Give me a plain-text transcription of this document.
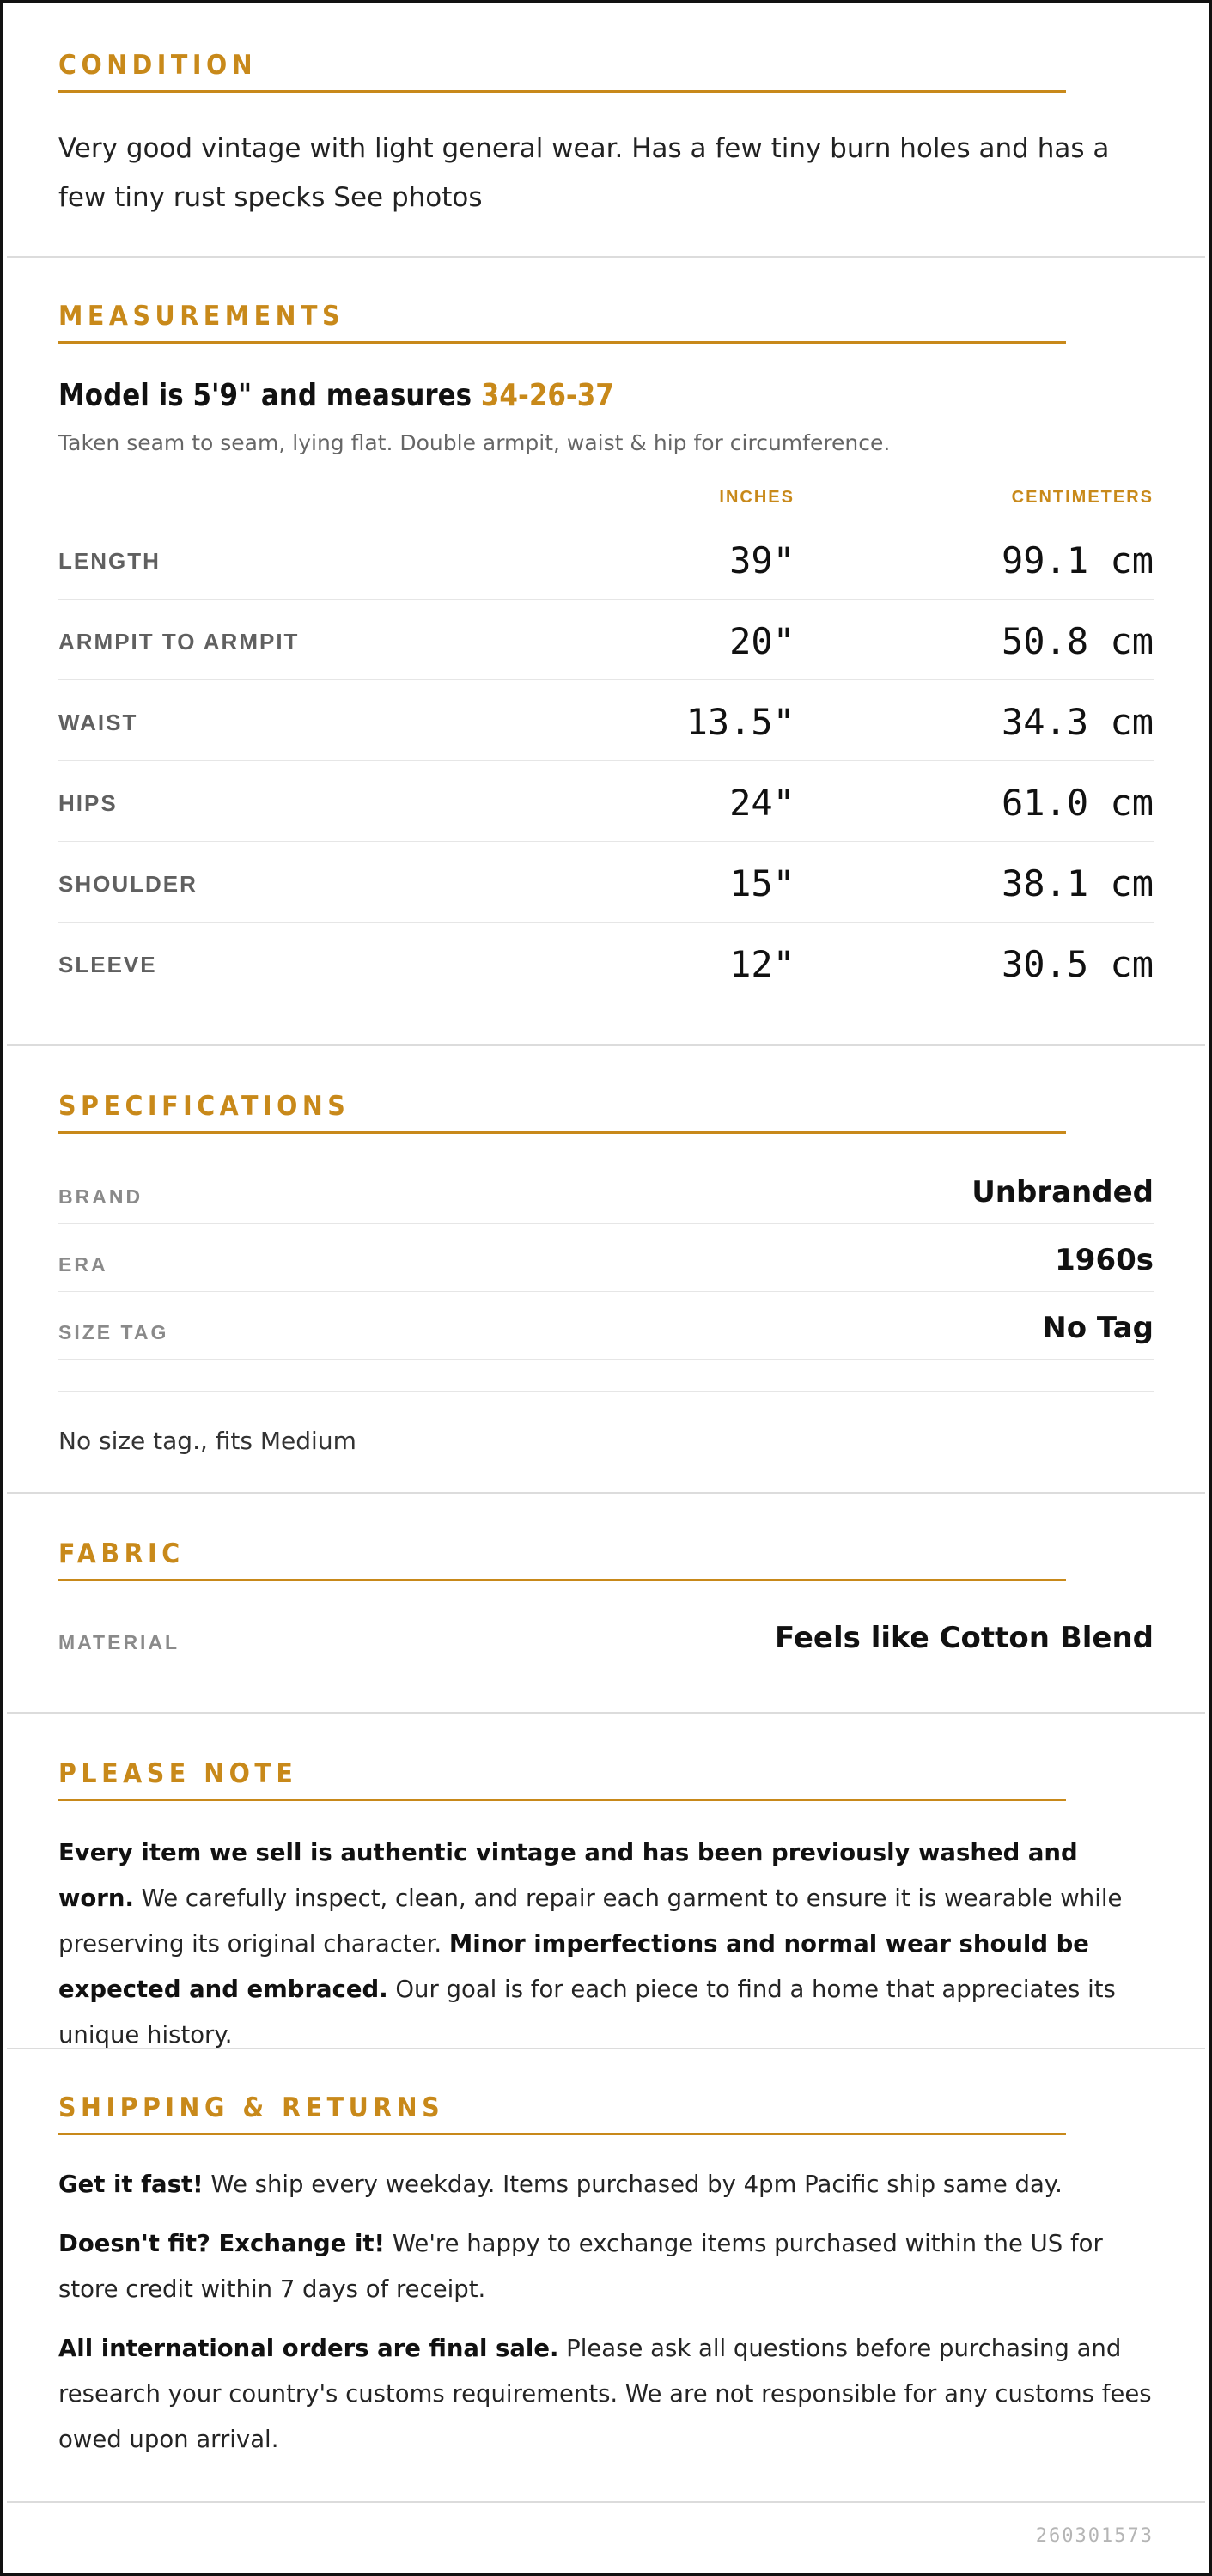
CONDITION
Very good vintage with light general wear. Has a few tiny burn holes and has a few tiny rust specks See photos
MEASUREMENTS
Model is 5'9" and measures 34-26-37
Taken seam to seam, lying flat. Double armpit, waist & hip for circumference.
INCHES	CENTIMETERS
LENGTH	39"	99.1 cm
ARMPIT TO ARMPIT	20"	50.8 cm
WAIST	13.5"	34.3 cm
HIPS	24"	61.0 cm
SHOULDER	15"	38.1 cm
SLEEVE	12"	30.5 cm
SPECIFICATIONS
BRAND	Unbranded
ERA	1960s
SIZE TAG	No Tag
No size tag., fits Medium
FABRIC
MATERIAL	Feels like Cotton Blend
PLEASE NOTE
Every item we sell is authentic vintage and has been previously washed and worn. We carefully inspect, clean, and repair each garment to ensure it is wearable while preserving its original character. Minor imperfections and normal wear should be expected and embraced. Our goal is for each piece to find a home that appreciates its unique history.
SHIPPING & RETURNS
Get it fast! We ship every weekday. Items purchased by 4pm Pacific ship same day.
Doesn't fit? Exchange it! We're happy to exchange items purchased within the US for store credit within 7 days of receipt.
All international orders are final sale. Please ask all questions before purchasing and research your country's customs requirements. We are not responsible for any customs fees owed upon arrival.
260301573
